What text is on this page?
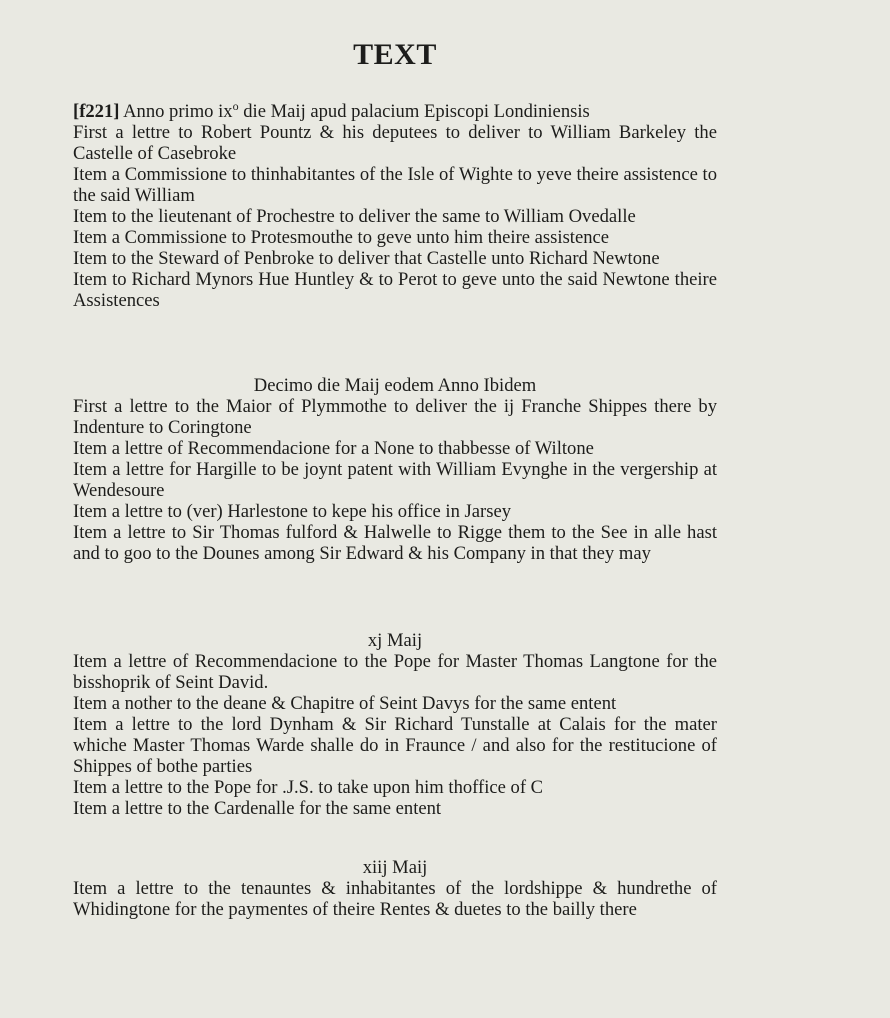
TEXT
[f221] Anno primo $ix^o$ die Maij apud palacium Episcopi Londiniensis
First a lettre to Robert Pountz & his deputees to deliver to William Barkeley the Castelle of Casebroke
Item a Commissione to thinhabitantes of the Isle of Wighte to yeve theire assistence to the said William
Item to the lieutenant of Prochestre to deliver the same to William Ovedalle
Item a Commissione to Protesmouthe to geve unto him theire assistence
Item to the Steward of Penbroke to deliver that Castelle unto Richard Newtone
Item to Richard Mynors Hue Huntley & to Perot to geve unto the said Newtone theire Assistences
Decimo die Maij eodem Anno Ibidem
First a lettre to the Maior of Plymmothe to deliver the ij Franche Shippes there by Indenture to Coringtone
Item a lettre of Recommendacione for a None to thabbesse of Wiltone
Item a lettre for Hargille to be joynt patent with William Evynghe in the vergership at Wendesoure
Item a lettre to (ver) Harlestone to kepe his office in Jarsey
Item a lettre to Sir Thomas fulford & Halwelle to Rigge them to the See in alle hast and to goo to the Dounes among Sir Edward & his Company in that they may
xj Maij
Item a lettre of Recommendacione to the Pope for Master Thomas Langtone for the bisshoprik of Seint David.
Item a nother to the deane & Chapitre of Seint Davys for the same entent
Item a lettre to the lord Dynham & Sir Richard Tunstalle at Calais for the mater whiche Master Thomas Warde shalle do in Fraunce / and also for the restitucione of Shippes of bothe parties
Item a lettre to the Pope for .J.S. to take upon him thoffice of C
Item a lettre to the Cardenalle for the same entent
xiij Maij
Item a lettre to the tenauntes & inhabitantes of the lordshippe & hundrethe of Whidingtone for the paymentes of theire Rentes & duetes to the bailly there
